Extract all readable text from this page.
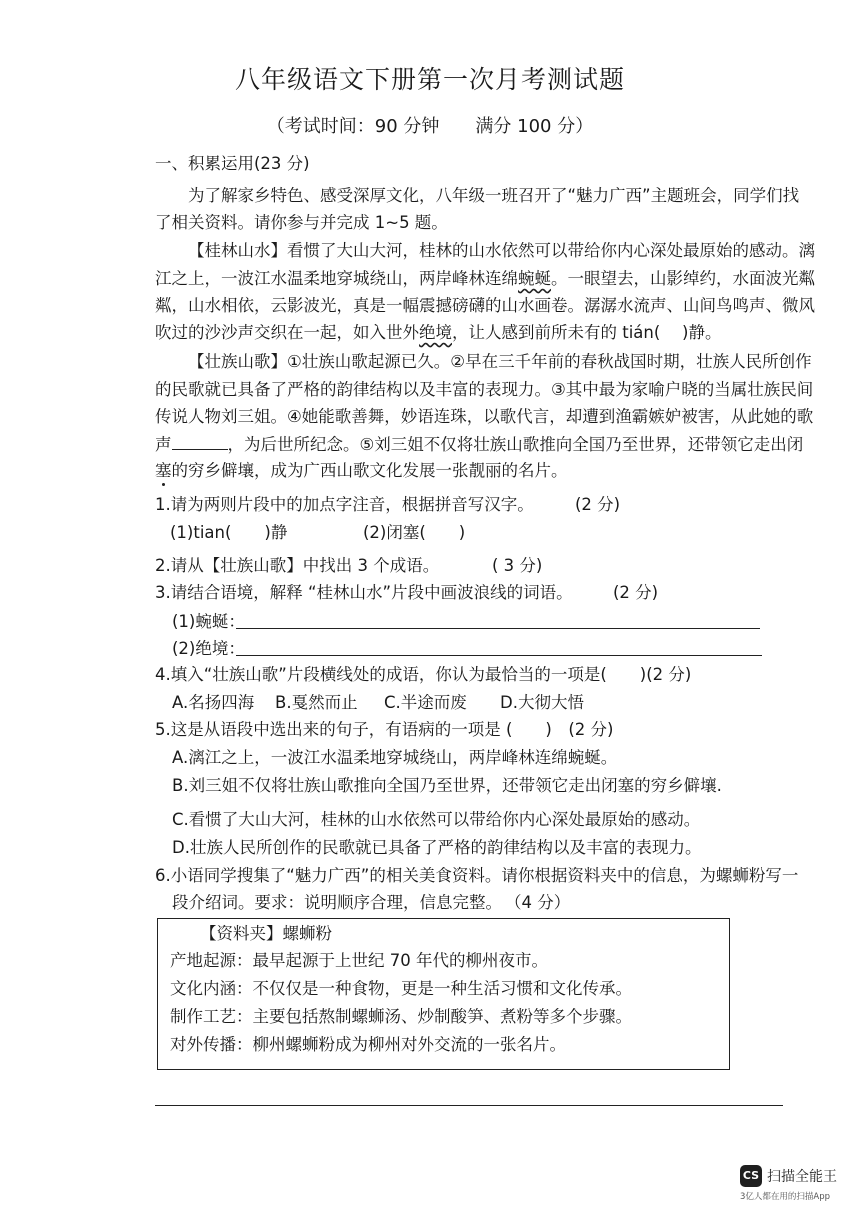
八年级语文下册第一次月考测试题
（考试时间：90 分钟　　满分 100 分）
一、积累运用(23 分)
为了解家乡特色、感受深厚文化，八年级一班召开了“魅力广西”主题班会，同学们找
了相关资料。请你参与并完成 1~5 题。
【桂林山水】看惯了大山大河，桂林的山水依然可以带给你内心深处最原始的感动。漓
江之上，一波江水温柔地穿城绕山，两岸峰林连绵蜿蜒。一眼望去，山影绰约，水面波光粼
粼，山水相依，云影波光，真是一幅震撼磅礴的山水画卷。潺潺水流声、山间鸟鸣声、微风
吹过的沙沙声交织在一起，如入世外绝境，让人感到前所未有的 tián(　 )静。
【壮族山歌】①壮族山歌起源已久。②早在三千年前的春秋战国时期，壮族人民所创作
的民歌就已具备了严格的韵律结构以及丰富的表现力。③其中最为家喻户晓的当属壮族民间
传说人物刘三姐。④她能歌善舞，妙语连珠，以歌代言，却遭到渔霸嫉妒被害，从此她的歌
声	，为后世所纪念。⑤刘三姐不仅将壮族山歌推向全国乃至世界，还带领它走出闭
塞的穷乡僻壤，成为广西山歌文化发展一张靓丽的名片。
1.请为两则片段中的加点字注音，根据拼音写汉字。	(2 分)
(1)tian(　　)静	(2)闭塞(　　)
2.请从【壮族山歌】中找出 3 个成语。	( 3 分)
3.请结合语境，解释 “桂林山水”片段中画波浪线的词语。 (2 分)
(1)蜿蜒：
(2)绝境：
4.填入“壮族山歌”片段横线处的成语，你认为最恰当的一项是(　　)(2 分)
A.名扬四海 B.戛然而止 C.半途而废 D.大彻大悟
5.这是从语段中选出来的句子，有语病的一项是 (　　)　(2 分)
A.漓江之上，一波江水温柔地穿城绕山，两岸峰林连绵蜿蜒。
B.刘三姐不仅将壮族山歌推向全国乃至世界，还带领它走出闭塞的穷乡僻壤.
C.看惯了大山大河，桂林的山水依然可以带给你内心深处最原始的感动。
D.壮族人民所创作的民歌就已具备了严格的韵律结构以及丰富的表现力。
6.小语同学搜集了“魅力广西”的相关美食资料。请你根据资料夹中的信息，为螺蛳粉写一
段介绍词。要求：说明顺序合理，信息完整。 （4 分）
【资料夹】螺蛳粉
产地起源：最早起源于上世纪 70 年代的柳州夜市。
文化内涵：不仅仅是一种食物，更是一种生活习惯和文化传承。
制作工艺：主要包括熬制螺蛳汤、炒制酸笋、煮粉等多个步骤。
对外传播：柳州螺蛳粉成为柳州对外交流的一张名片。
CS 扫描全能王
3亿人都在用的扫描App
